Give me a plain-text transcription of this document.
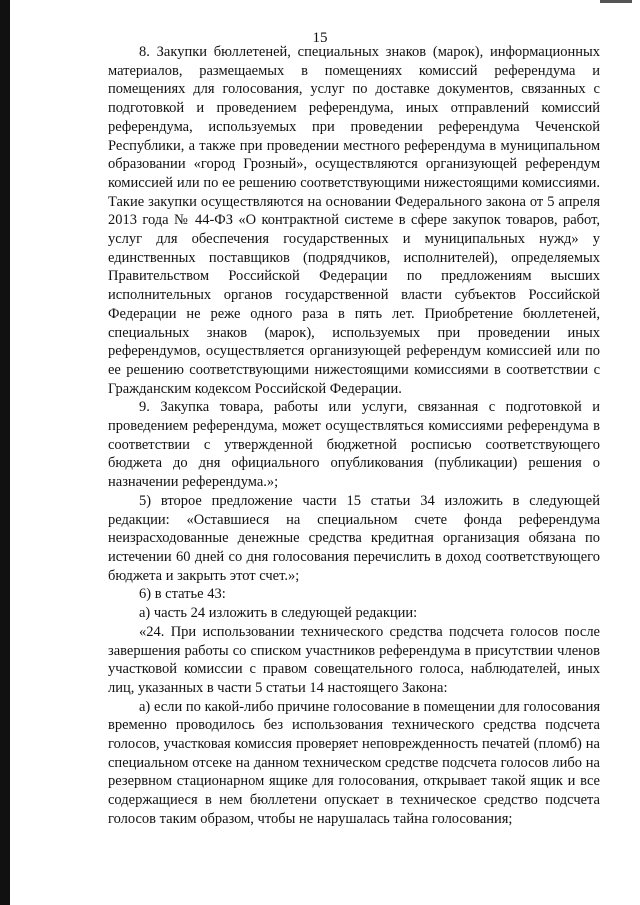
15

8. Закупки бюллетеней, специальных знаков (марок), информационных материалов, размещаемых в помещениях комиссий референдума и помещениях для голосования, услуг по доставке документов, связанных с подготовкой и проведением референдума, иных отправлений комиссий референдума, используемых при проведении референдума Чеченской Республики, а также при проведении местного референдума в муниципальном образовании «город Грозный», осуществляются организующей референдум комиссией или по ее решению соответствующими нижестоящими комиссиями. Такие закупки осуществляются на основании Федерального закона от 5 апреля 2013 года № 44-ФЗ «О контрактной системе в сфере закупок товаров, работ, услуг для обеспечения государственных и муниципальных нужд» у единственных поставщиков (подрядчиков, исполнителей), определяемых Правительством Российской Федерации по предложениям высших исполнительных органов государственной власти субъектов Российской Федерации не реже одного раза в пять лет. Приобретение бюллетеней, специальных знаков (марок), используемых при проведении иных референдумов, осуществляется организующей референдум комиссией или по ее решению соответствующими нижестоящими комиссиями в соответствии с Гражданским кодексом Российской Федерации.

9. Закупка товара, работы или услуги, связанная с подготовкой и проведением референдума, может осуществляться комиссиями референдума в соответствии с утвержденной бюджетной росписью соответствующего бюджета до дня официального опубликования (публикации) решения о назначении референдума.»;

5) второе предложение части 15 статьи 34 изложить в следующей редакции: «Оставшиеся на специальном счете фонда референдума неизрасходованные денежные средства кредитная организация обязана по истечении 60 дней со дня голосования перечислить в доход соответствующего бюджета и закрыть этот счет.»;

6) в статье 43:

а) часть 24 изложить в следующей редакции:

«24. При использовании технического средства подсчета голосов после завершения работы со списком участников референдума в присутствии членов участковой комиссии с правом совещательного голоса, наблюдателей, иных лиц, указанных в части 5 статьи 14 настоящего Закона:

а) если по какой-либо причине голосование в помещении для голосования временно проводилось без использования технического средства подсчета голосов, участковая комиссия проверяет неповрежденность печатей (пломб) на специальном отсеке на данном техническом средстве подсчета голосов либо на резервном стационарном ящике для голосования, открывает такой ящик и все содержащиеся в нем бюллетени опускает в техническое средство подсчета голосов таким образом, чтобы не нарушалась тайна голосования;
